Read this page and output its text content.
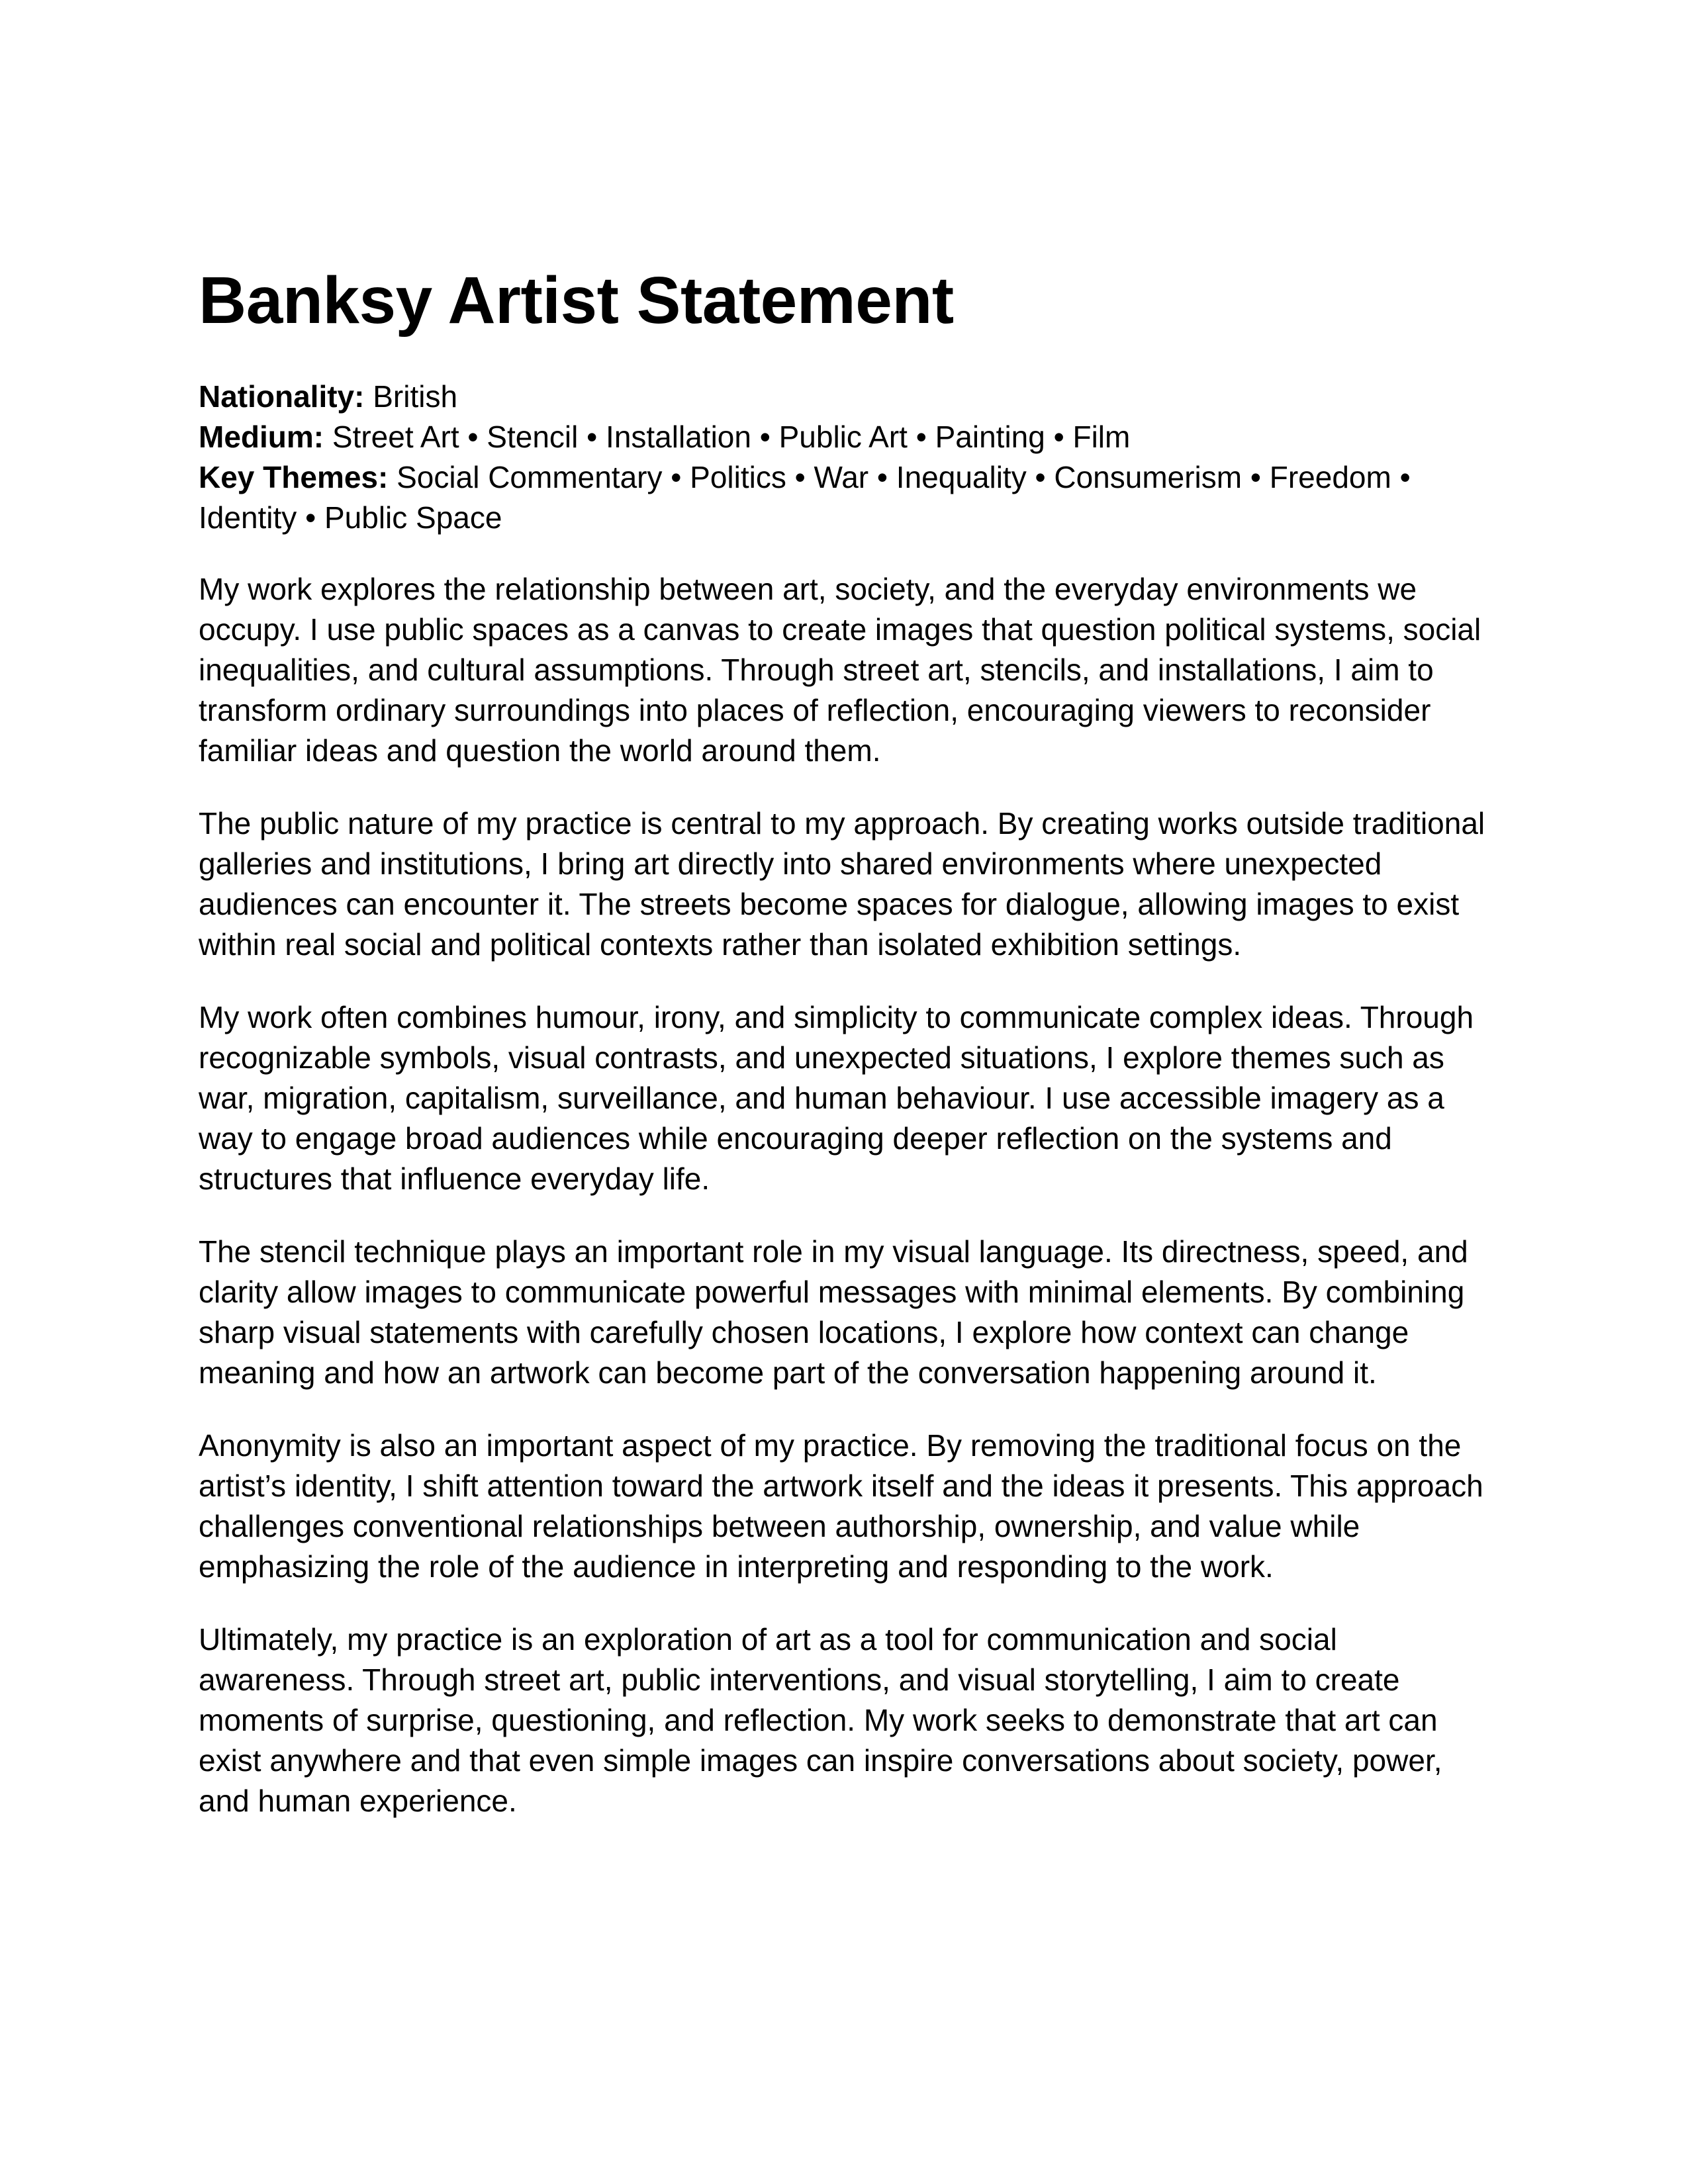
Banksy Artist Statement
Nationality: British
Medium: Street Art • Stencil • Installation • Public Art • Painting • Film
Key Themes: Social Commentary • Politics • War • Inequality • Consumerism • Freedom • Identity • Public Space

My work explores the relationship between art, society, and the everyday environments we occupy. I use public spaces as a canvas to create images that question political systems, social inequalities, and cultural assumptions. Through street art, stencils, and installations, I aim to transform ordinary surroundings into places of reflection, encouraging viewers to reconsider familiar ideas and question the world around them.

The public nature of my practice is central to my approach. By creating works outside traditional galleries and institutions, I bring art directly into shared environments where unexpected audiences can encounter it. The streets become spaces for dialogue, allowing images to exist within real social and political contexts rather than isolated exhibition settings.

My work often combines humour, irony, and simplicity to communicate complex ideas. Through recognizable symbols, visual contrasts, and unexpected situations, I explore themes such as war, migration, capitalism, surveillance, and human behaviour. I use accessible imagery as a way to engage broad audiences while encouraging deeper reflection on the systems and structures that influence everyday life.

The stencil technique plays an important role in my visual language. Its directness, speed, and clarity allow images to communicate powerful messages with minimal elements. By combining sharp visual statements with carefully chosen locations, I explore how context can change meaning and how an artwork can become part of the conversation happening around it.

Anonymity is also an important aspect of my practice. By removing the traditional focus on the artist’s identity, I shift attention toward the artwork itself and the ideas it presents. This approach challenges conventional relationships between authorship, ownership, and value while emphasizing the role of the audience in interpreting and responding to the work.

Ultimately, my practice is an exploration of art as a tool for communication and social awareness. Through street art, public interventions, and visual storytelling, I aim to create moments of surprise, questioning, and reflection. My work seeks to demonstrate that art can exist anywhere and that even simple images can inspire conversations about society, power, and human experience.
